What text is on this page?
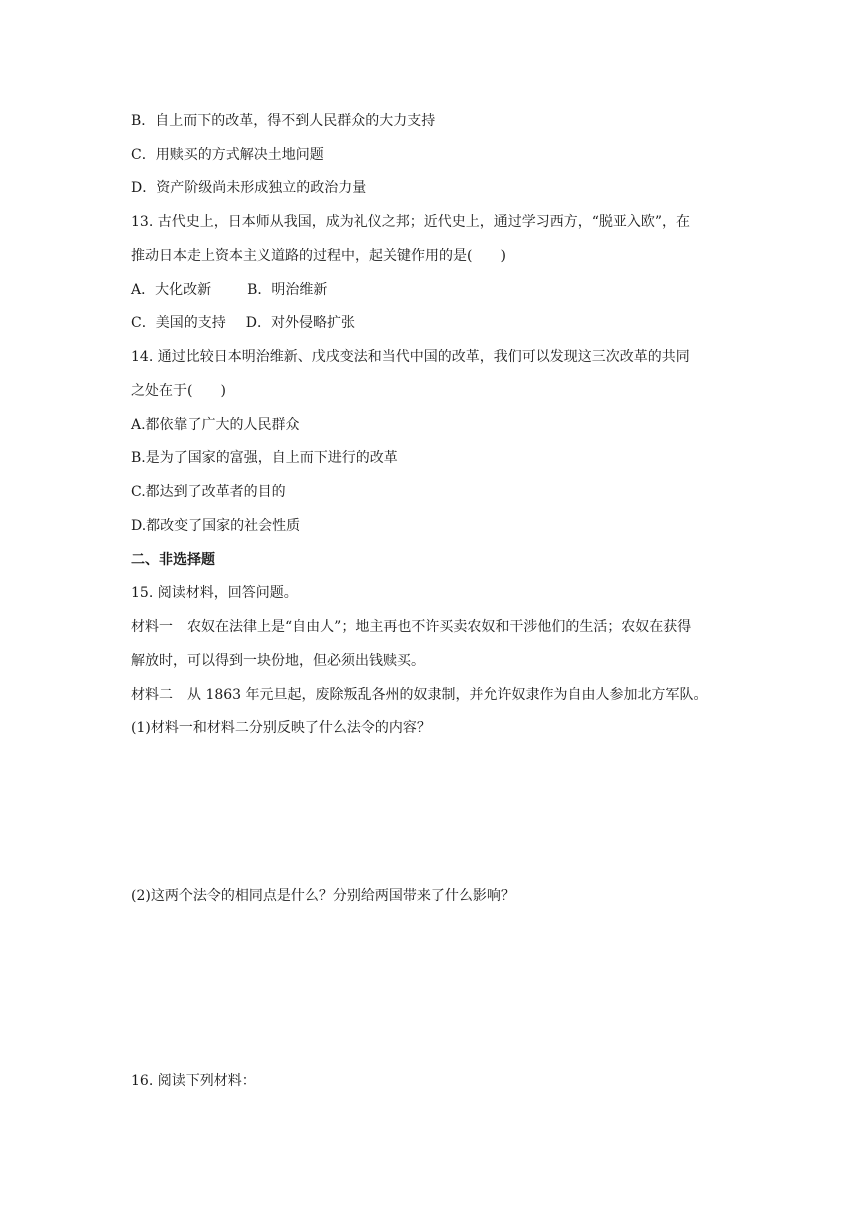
B．自上而下的改革，得不到人民群众的大力支持
C．用赎买的方式解决土地问题
D．资产阶级尚未形成独立的政治力量
13. 古代史上，日本师从我国，成为礼仪之邦；近代史上，通过学习西方，“脱亚入欧”，在
推动日本走上资本主义道路的过程中，起关键作用的是(　　)
A．大化改新	B．明治维新
C．美国的支持 D．对外侵略扩张
14. 通过比较日本明治维新、戊戌变法和当代中国的改革，我们可以发现这三次改革的共同
之处在于(　　)
A.都依靠了广大的人民群众
B.是为了国家的富强，自上而下进行的改革
C.都达到了改革者的目的
D.都改变了国家的社会性质
二、非选择题
15. 阅读材料，回答问题。
材料一　农奴在法律上是“自由人”；地主再也不许买卖农奴和干涉他们的生活；农奴在获得
解放时，可以得到一块份地，但必须出钱赎买。
材料二　从 1863 年元旦起，废除叛乱各州的奴隶制，并允许奴隶作为自由人参加北方军队。
(1)材料一和材料二分别反映了什么法令的内容？
(2)这两个法令的相同点是什么？分别给两国带来了什么影响？
16. 阅读下列材料：
